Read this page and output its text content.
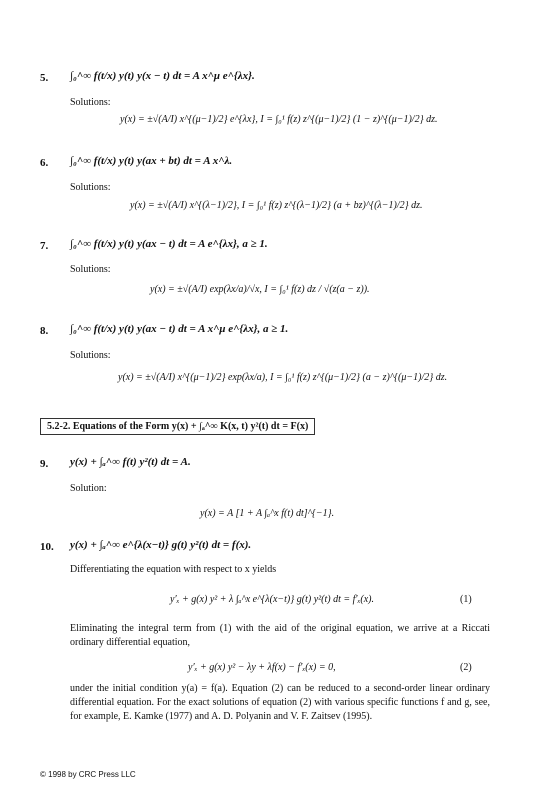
5. ∫₀^∞ f(t/x) y(t) y(x − t) dt = A x^μ e^{λx}.
Solutions:
y(x) = ±√(A/I) x^{(μ−1)/2} e^{λx}, I = ∫₀¹ f(z) z^{(μ−1)/2} (1 − z)^{(μ−1)/2} dz.
6. ∫₀^∞ f(t/x) y(t) y(ax + bt) dt = A x^λ.
Solutions:
y(x) = ±√(A/I) x^{(λ−1)/2}, I = ∫₀¹ f(z) z^{(λ−1)/2} (a + bz)^{(λ−1)/2} dz.
7. ∫₀^∞ f(t/x) y(t) y(ax − t) dt = A e^{λx}, a ≥ 1.
Solutions:
y(x) = ±√(A/I) exp(λx/a)/√x, I = ∫₀¹ f(z) dz / √(z(a − z)).
8. ∫₀^∞ f(t/x) y(t) y(ax − t) dt = A x^μ e^{λx}, a ≥ 1.
Solutions:
y(x) = ±√(A/I) x^{(μ−1)/2} exp(λx/a), I = ∫₀¹ f(z) z^{(μ−1)/2} (a − z)^{(μ−1)/2} dz.
5.2-2. Equations of the Form y(x) + ∫ₐ^∞ K(x, t) y²(t) dt = F(x)
9. y(x) + ∫ₐ^∞ f(t) y²(t) dt = A.
Solution:
y(x) = A [1 + A ∫ₐ^x f(t) dt]^{−1}.
10. y(x) + ∫ₐ^∞ e^{λ(x−t)} g(t) y²(t) dt = f(x).
Differentiating the equation with respect to x yields
y′ₓ + g(x) y² + λ ∫ₐ^x e^{λ(x−t)} g(t) y²(t) dt = f′ₓ(x).	(1)
Eliminating the integral term from (1) with the aid of the original equation, we arrive at a Riccati ordinary differential equation,
y′ₓ + g(x) y² − λy + λf(x) − f′ₓ(x) = 0,	(2)
under the initial condition y(a) = f(a). Equation (2) can be reduced to a second-order linear ordinary differential equation. For the exact solutions of equation (2) with various specific functions f and g, see, for example, E. Kamke (1977) and A. D. Polyanin and V. F. Zaitsev (1995).
© 1998 by CRC Press LLC
